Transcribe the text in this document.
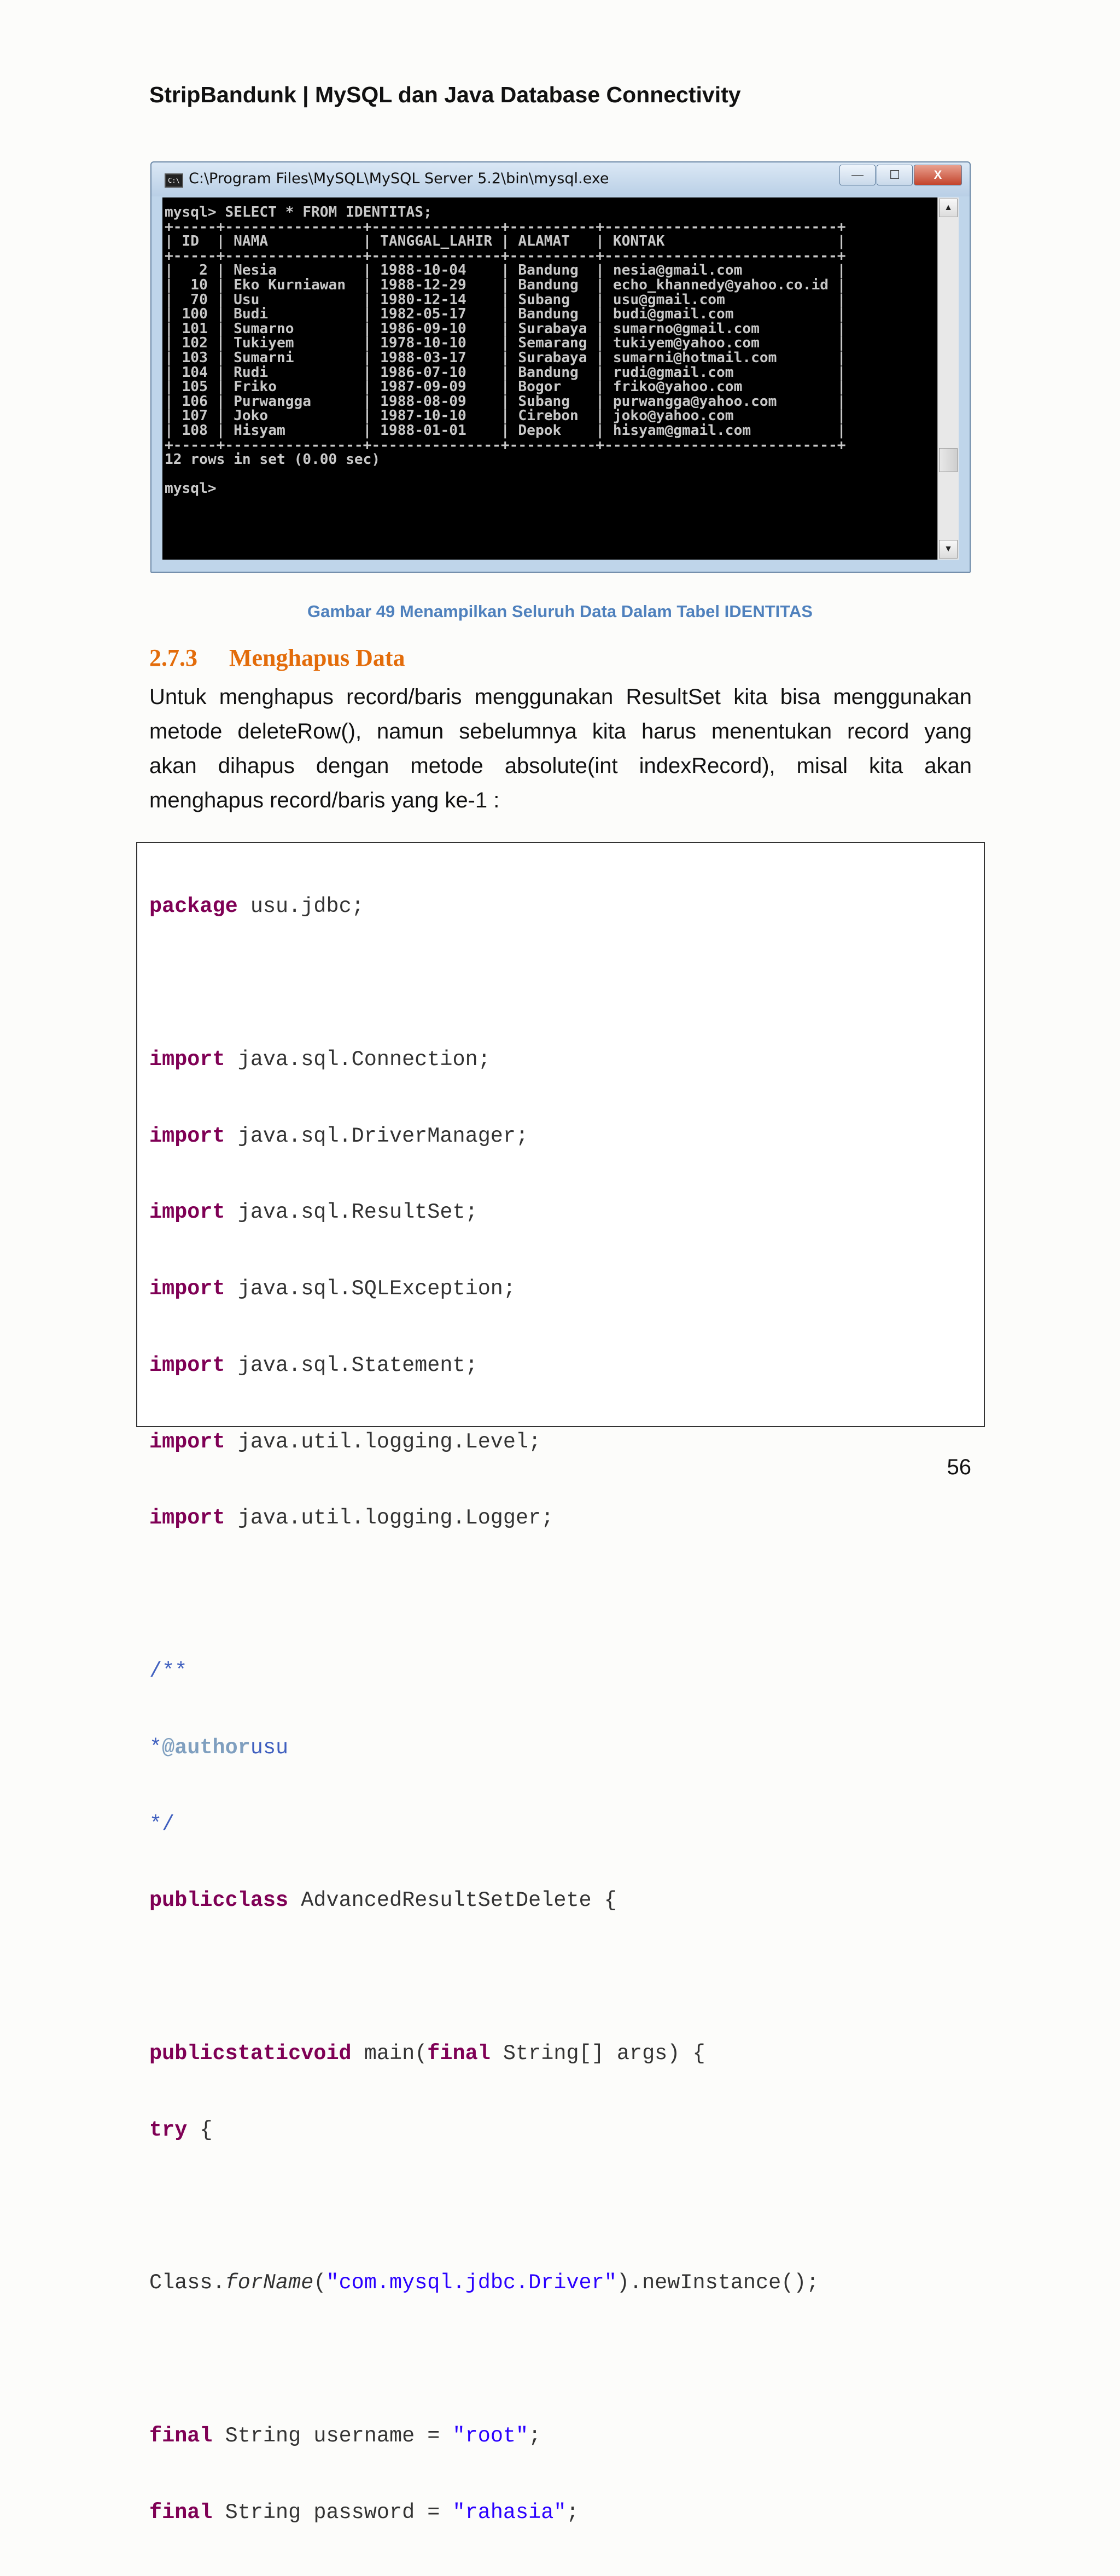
StripBandunk | MySQL dan Java Database Connectivity
C:\ C:\Program Files\MySQL\MySQL Server 5.2\bin\mysql.exe	—	☐	X
mysql> SELECT * FROM IDENTITAS;
+-----+----------------+---------------+----------+---------------------------+
| ID  | NAMA           | TANGGAL_LAHIR | ALAMAT   | KONTAK                    |
+-----+----------------+---------------+----------+---------------------------+
|   2 | Nesia          | 1988-10-04    | Bandung  | nesia@gmail.com           |
|  10 | Eko Kurniawan  | 1988-12-29    | Bandung  | echo_khannedy@yahoo.co.id |
|  70 | Usu            | 1980-12-14    | Subang   | usu@gmail.com             |
| 100 | Budi           | 1982-05-17    | Bandung  | budi@gmail.com            |
| 101 | Sumarno        | 1986-09-10    | Surabaya | sumarno@gmail.com         |
| 102 | Tukiyem        | 1978-10-10    | Semarang | tukiyem@yahoo.com         |
| 103 | Sumarni        | 1988-03-17    | Surabaya | sumarni@hotmail.com       |
| 104 | Rudi           | 1986-07-10    | Bandung  | rudi@gmail.com            |
| 105 | Friko          | 1987-09-09    | Bogor    | friko@yahoo.com           |
| 106 | Purwangga      | 1988-08-09    | Subang   | purwangga@yahoo.com       |
| 107 | Joko           | 1987-10-10    | Cirebon  | joko@yahoo.com            |
| 108 | Hisyam         | 1988-01-01    | Depok    | hisyam@gmail.com          |
+-----+----------------+---------------+----------+---------------------------+
12 rows in set (0.00 sec)

mysql>
▲
▼
Gambar 49 Menampilkan Seluruh Data Dalam Tabel IDENTITAS
2.7.3 Menghapus Data
Untuk menghapus record/baris menggunakan ResultSet kita bisa menggunakan
metode deleteRow(), namun sebelumnya kita harus menentukan record yang
akan dihapus dengan metode absolute(int indexRecord), misal kita akan
menghapus record/baris yang ke-1 :

package usu.jdbc;

import java.sql.Connection;

import java.sql.DriverManager;

import java.sql.ResultSet;

import java.sql.SQLException;

import java.sql.Statement;

import java.util.logging.Level;

import java.util.logging.Logger;

/**

*@authorusu

*/

publicclass AdvancedResultSetDelete {

publicstaticvoid main(final String[] args) {

try {

Class.forName("com.mysql.jdbc.Driver").newInstance();

final String username = "root";

final String password = "rahasia";

56
